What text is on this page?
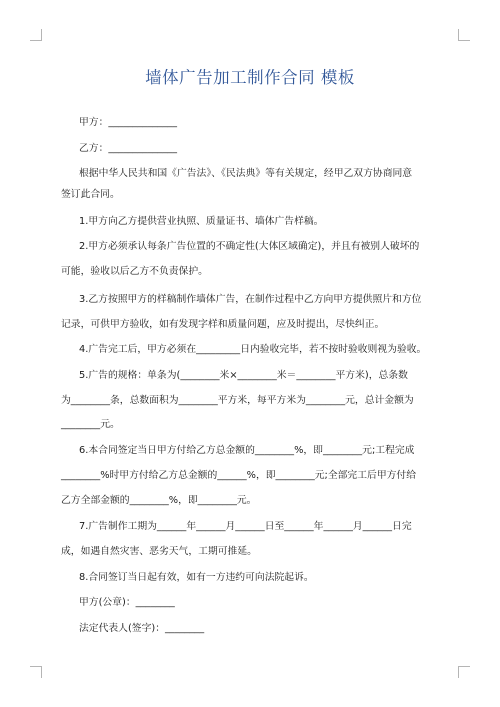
墙体广告加工制作合同 模板
甲方：______________
乙方：______________
根据中华人民共和国《广告法》、《民法典》等有关规定，经甲乙双方协商同意
签订此合同。
1.甲方向乙方提供营业执照、质量证书、墙体广告样稿。
2.甲方必须承认每条广告位置的不确定性(大体区域确定)，并且有被别人破坏的
可能，验收以后乙方不负责保护。
3.乙方按照甲方的样稿制作墙体广告，在制作过程中乙方向甲方提供照片和方位
记录，可供甲方验收，如有发现字样和质量问题，应及时提出，尽快纠正。
4.广告完工后，甲方必须在_________日内验收完毕，若不按时验收则视为验收。
5.广告的规格：单条为(________米×________米＝________平方米)，总条数
为________条，总数面积为________平方米，每平方米为________元，总计金额为
________元。
6.本合同签定当日甲方付给乙方总金额的________%，即________元;工程完成
________%时甲方付给乙方总金额的______%，即________元;全部完工后甲方付给
乙方全部金额的________%，即________元。
7.广告制作工期为______年______月______日至______年______月______日完
成，如遇自然灾害、恶劣天气，工期可推延。
8.合同签订当日起有效，如有一方违约可向法院起诉。
甲方(公章)：________
法定代表人(签字)：________
